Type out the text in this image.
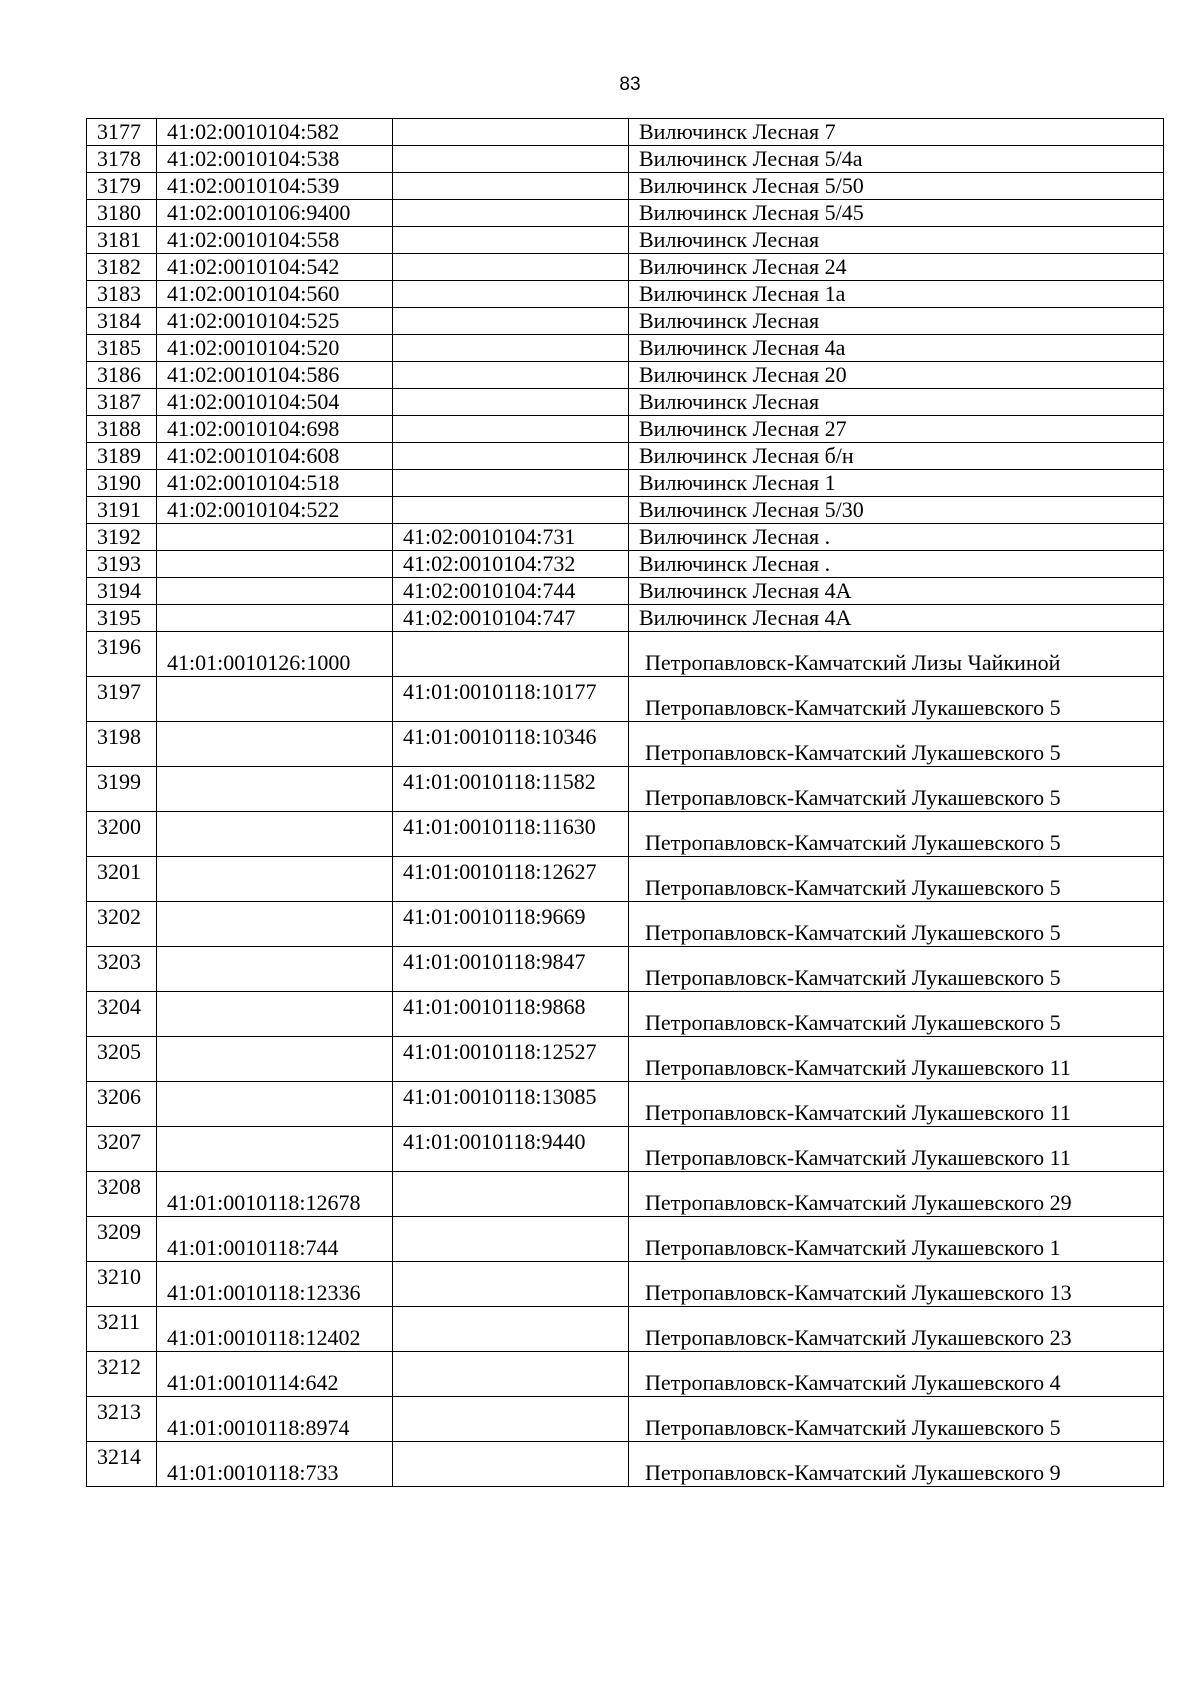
83
3177	41:02:0010104:582		Вилючинск Лесная 7
3178	41:02:0010104:538		Вилючинск Лесная 5/4а
3179	41:02:0010104:539		Вилючинск Лесная 5/50
3180	41:02:0010106:9400		Вилючинск Лесная 5/45
3181	41:02:0010104:558		Вилючинск Лесная
3182	41:02:0010104:542		Вилючинск Лесная 24
3183	41:02:0010104:560		Вилючинск Лесная 1а
3184	41:02:0010104:525		Вилючинск Лесная
3185	41:02:0010104:520		Вилючинск Лесная 4а
3186	41:02:0010104:586		Вилючинск Лесная 20
3187	41:02:0010104:504		Вилючинск Лесная
3188	41:02:0010104:698		Вилючинск Лесная 27
3189	41:02:0010104:608		Вилючинск Лесная б/н
3190	41:02:0010104:518		Вилючинск Лесная 1
3191	41:02:0010104:522		Вилючинск Лесная 5/30
3192		41:02:0010104:731	Вилючинск Лесная .
3193		41:02:0010104:732	Вилючинск Лесная .
3194		41:02:0010104:744	Вилючинск Лесная 4А
3195		41:02:0010104:747	Вилючинск Лесная 4А

3196	41:01:0010126:1000		Петропавловск-Камчатский Лизы Чайкиной

3197		41:01:0010118:10177	Петропавловск-Камчатский Лукашевского 5

3198		41:01:0010118:10346	Петропавловск-Камчатский Лукашевского 5

3199		41:01:0010118:11582	Петропавловск-Камчатский Лукашевского 5

3200		41:01:0010118:11630	Петропавловск-Камчатский Лукашевского 5

3201		41:01:0010118:12627	Петропавловск-Камчатский Лукашевского 5

3202		41:01:0010118:9669	Петропавловск-Камчатский Лукашевского 5

3203		41:01:0010118:9847	Петропавловск-Камчатский Лукашевского 5

3204		41:01:0010118:9868	Петропавловск-Камчатский Лукашевского 5

3205		41:01:0010118:12527	Петропавловск-Камчатский Лукашевского 11

3206		41:01:0010118:13085	Петропавловск-Камчатский Лукашевского 11

3207		41:01:0010118:9440	Петропавловск-Камчатский Лукашевского 11

3208	41:01:0010118:12678		Петропавловск-Камчатский Лукашевского 29

3209	41:01:0010118:744		Петропавловск-Камчатский Лукашевского 1

3210	41:01:0010118:12336		Петропавловск-Камчатский Лукашевского 13

3211	41:01:0010118:12402		Петропавловск-Камчатский Лукашевского 23

3212	41:01:0010114:642		Петропавловск-Камчатский Лукашевского 4

3213	41:01:0010118:8974		Петропавловск-Камчатский Лукашевского 5

3214	41:01:0010118:733		Петропавловск-Камчатский Лукашевского 9
